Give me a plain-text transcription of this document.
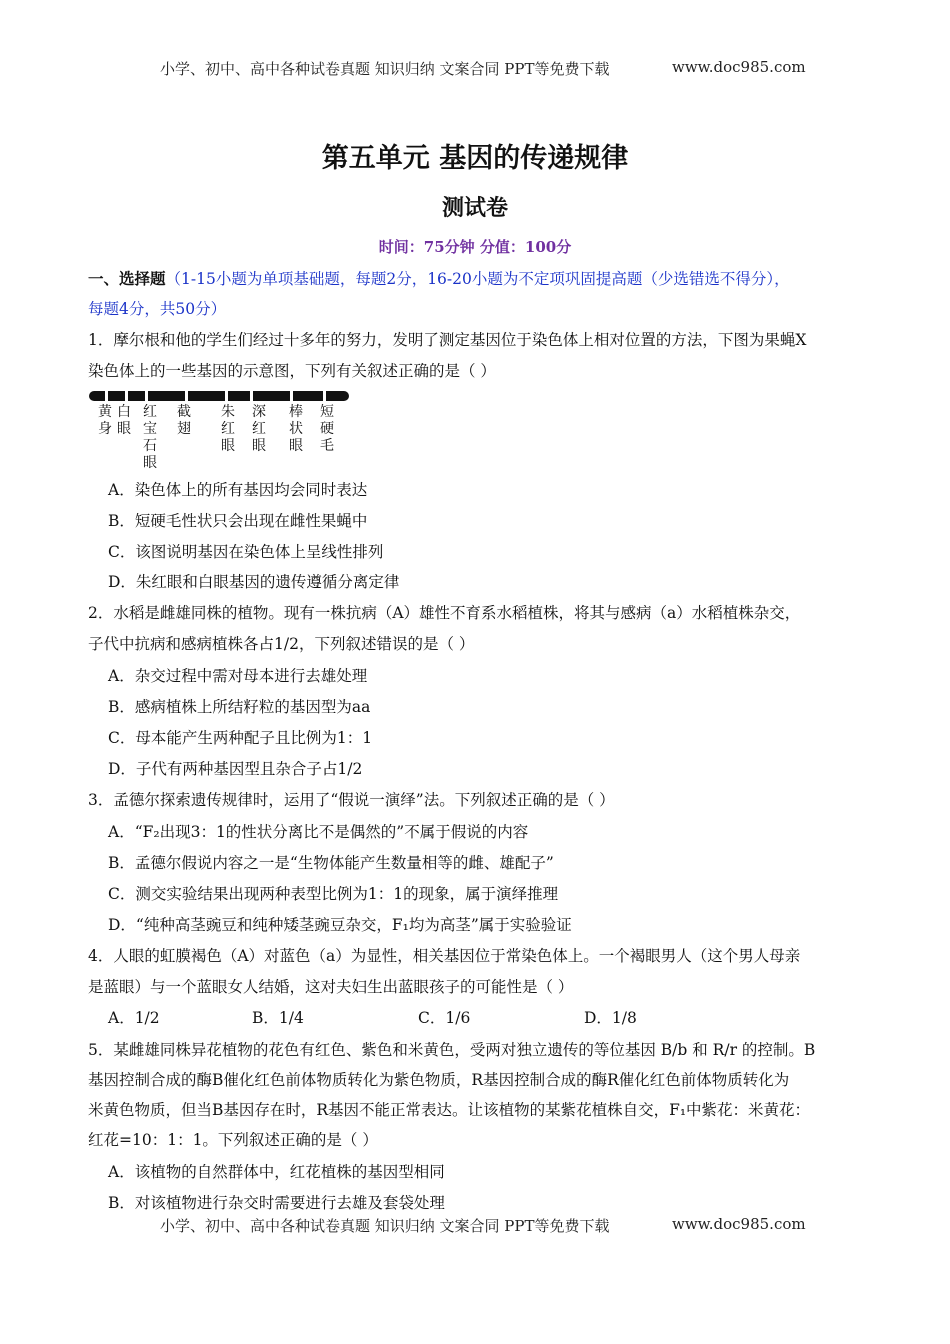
小学、初中、高中各种试卷真题 知识归纳 文案合同 PPT等免费下载	www.doc985.com
第五单元 基因的传递规律
测试卷
时间：75分钟 分值：100分
一、选择题（1-15小题为单项基础题，每题2分，16-20小题为不定项巩固提高题（少选错选不得分），
每题4分，共50分）
1．摩尔根和他的学生们经过十多年的努力，发明了测定基因位于染色体上相对位置的方法，下图为果蝇X
染色体上的一些基因的示意图，下列有关叙述正确的是（ ）
黄身
白眼
红宝石眼
截翅
朱红眼
深红眼
棒状眼
短硬毛
A．染色体上的所有基因均会同时表达
B．短硬毛性状只会出现在雌性果蝇中
C．该图说明基因在染色体上呈线性排列
D．朱红眼和白眼基因的遗传遵循分离定律
2．水稻是雌雄同株的植物。现有一株抗病（A）雄性不育系水稻植株，将其与感病（a）水稻植株杂交，
子代中抗病和感病植株各占1/2，下列叙述错误的是（ ）
A．杂交过程中需对母本进行去雄处理
B．感病植株上所结籽粒的基因型为aa
C．母本能产生两种配子且比例为1：1
D．子代有两种基因型且杂合子占1/2
3．孟德尔探索遗传规律时，运用了“假说一演绎”法。下列叙述正确的是（ ）
A．“F₂出现3：1的性状分离比不是偶然的”不属于假说的内容
B．孟德尔假说内容之一是“生物体能产生数量相等的雌、雄配子”
C．测交实验结果出现两种表型比例为1：1的现象，属于演绎推理
D．“纯种高茎豌豆和纯种矮茎豌豆杂交，F₁均为高茎”属于实验验证
4．人眼的虹膜褐色（A）对蓝色（a）为显性，相关基因位于常染色体上。一个褐眼男人（这个男人母亲
是蓝眼）与一个蓝眼女人结婚，这对夫妇生出蓝眼孩子的可能性是（ ）
A．1/2	B．1/4	C．1/6	D．1/8
5．某雌雄同株异花植物的花色有红色、紫色和米黄色，受两对独立遗传的等位基因 B/b 和 R/r 的控制。B
基因控制合成的酶B催化红色前体物质转化为紫色物质，R基因控制合成的酶R催化红色前体物质转化为
米黄色物质，但当B基因存在时，R基因不能正常表达。让该植物的某紫花植株自交，F₁中紫花：米黄花：
红花=10：1：1。下列叙述正确的是（ ）
A．该植物的自然群体中，红花植株的基因型相同
B．对该植物进行杂交时需要进行去雄及套袋处理
小学、初中、高中各种试卷真题 知识归纳 文案合同 PPT等免费下载	www.doc985.com
